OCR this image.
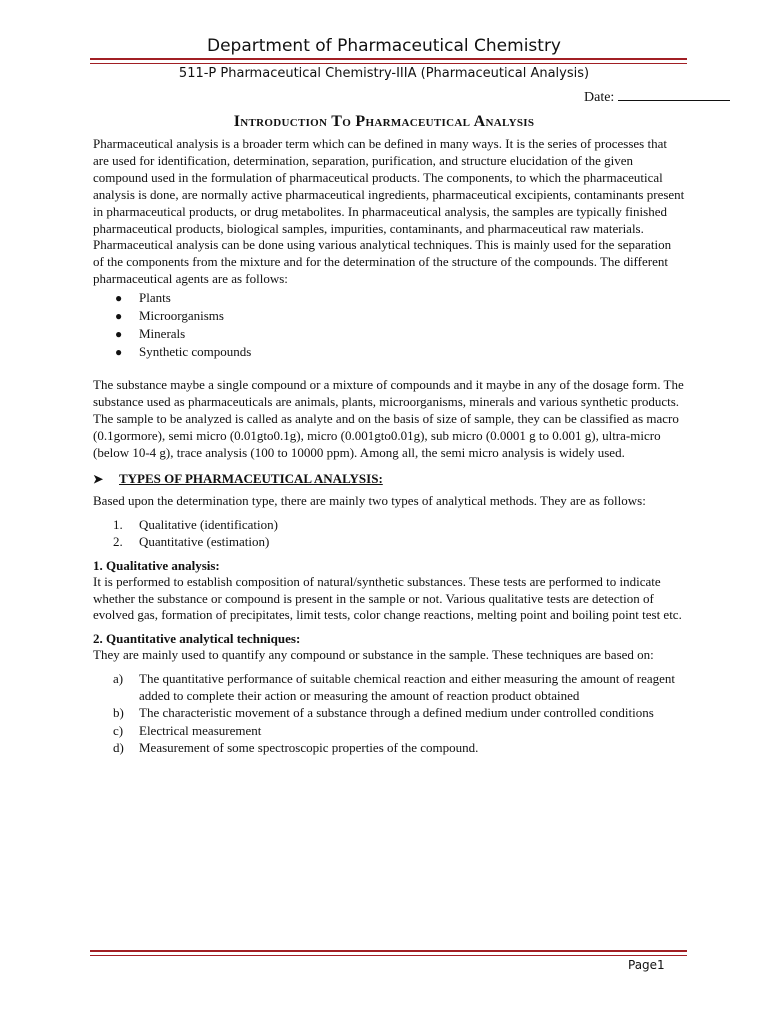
Department of Pharmaceutical Chemistry
511-P Pharmaceutical Chemistry-IIIA (Pharmaceutical Analysis)
Date:
Introduction To Pharmaceutical Analysis

Pharmaceutical analysis is a broader term which can be defined in many ways. It is the series of processes that are used for identification, determination, separation, purification, and structure elucidation of the given compound used in the formulation of pharmaceutical products. The components, to which the pharmaceutical analysis is done, are normally active pharmaceutical ingredients, pharmaceutical excipients, contaminants present in pharmaceutical products, or drug metabolites. In pharmaceutical analysis, the samples are typically finished pharmaceutical products, biological samples, impurities, contaminants, and pharmaceutical raw materials. Pharmaceutical analysis can be done using various analytical techniques. This is mainly used for the separation of the components from the mixture and for the determination of the structure of the compounds. The different pharmaceutical agents are as follows:

● Plants
● Microorganisms
● Minerals
● Synthetic compounds

The substance maybe a single compound or a mixture of compounds and it maybe in any of the dosage form. The substance used as pharmaceuticals are animals, plants, microorganisms, minerals and various synthetic products.

The sample to be analyzed is called as analyte and on the basis of size of sample, they can be classified as macro (0.1gormore), semi micro (0.01gto0.1g), micro (0.001gto0.01g), sub micro (0.0001 g to 0.001 g), ultra-micro (below 10-4 g), trace analysis (100 to 10000 ppm). Among all, the semi micro analysis is widely used.

➤ TYPES OF PHARMACEUTICAL ANALYSIS:

Based upon the determination type, there are mainly two types of analytical methods. They are as follows:

1. Qualitative (identification)
2. Quantitative (estimation)
1. Qualitative analysis:

It is performed to establish composition of natural/synthetic substances. These tests are performed to indicate whether the substance or compound is present in the sample or not. Various qualitative tests are detection of evolved gas, formation of precipitates, limit tests, color change reactions, melting point and boiling point test etc.

2. Quantitative analytical techniques:

They are mainly used to quantify any compound or substance in the sample. These techniques are based on:

a) The quantitative performance of suitable chemical reaction and either measuring the amount of reagent added to complete their action or measuring the amount of reaction product obtained
b) The characteristic movement of a substance through a defined medium under controlled conditions
c) Electrical measurement
d) Measurement of some spectroscopic properties of the compound.
Page1
